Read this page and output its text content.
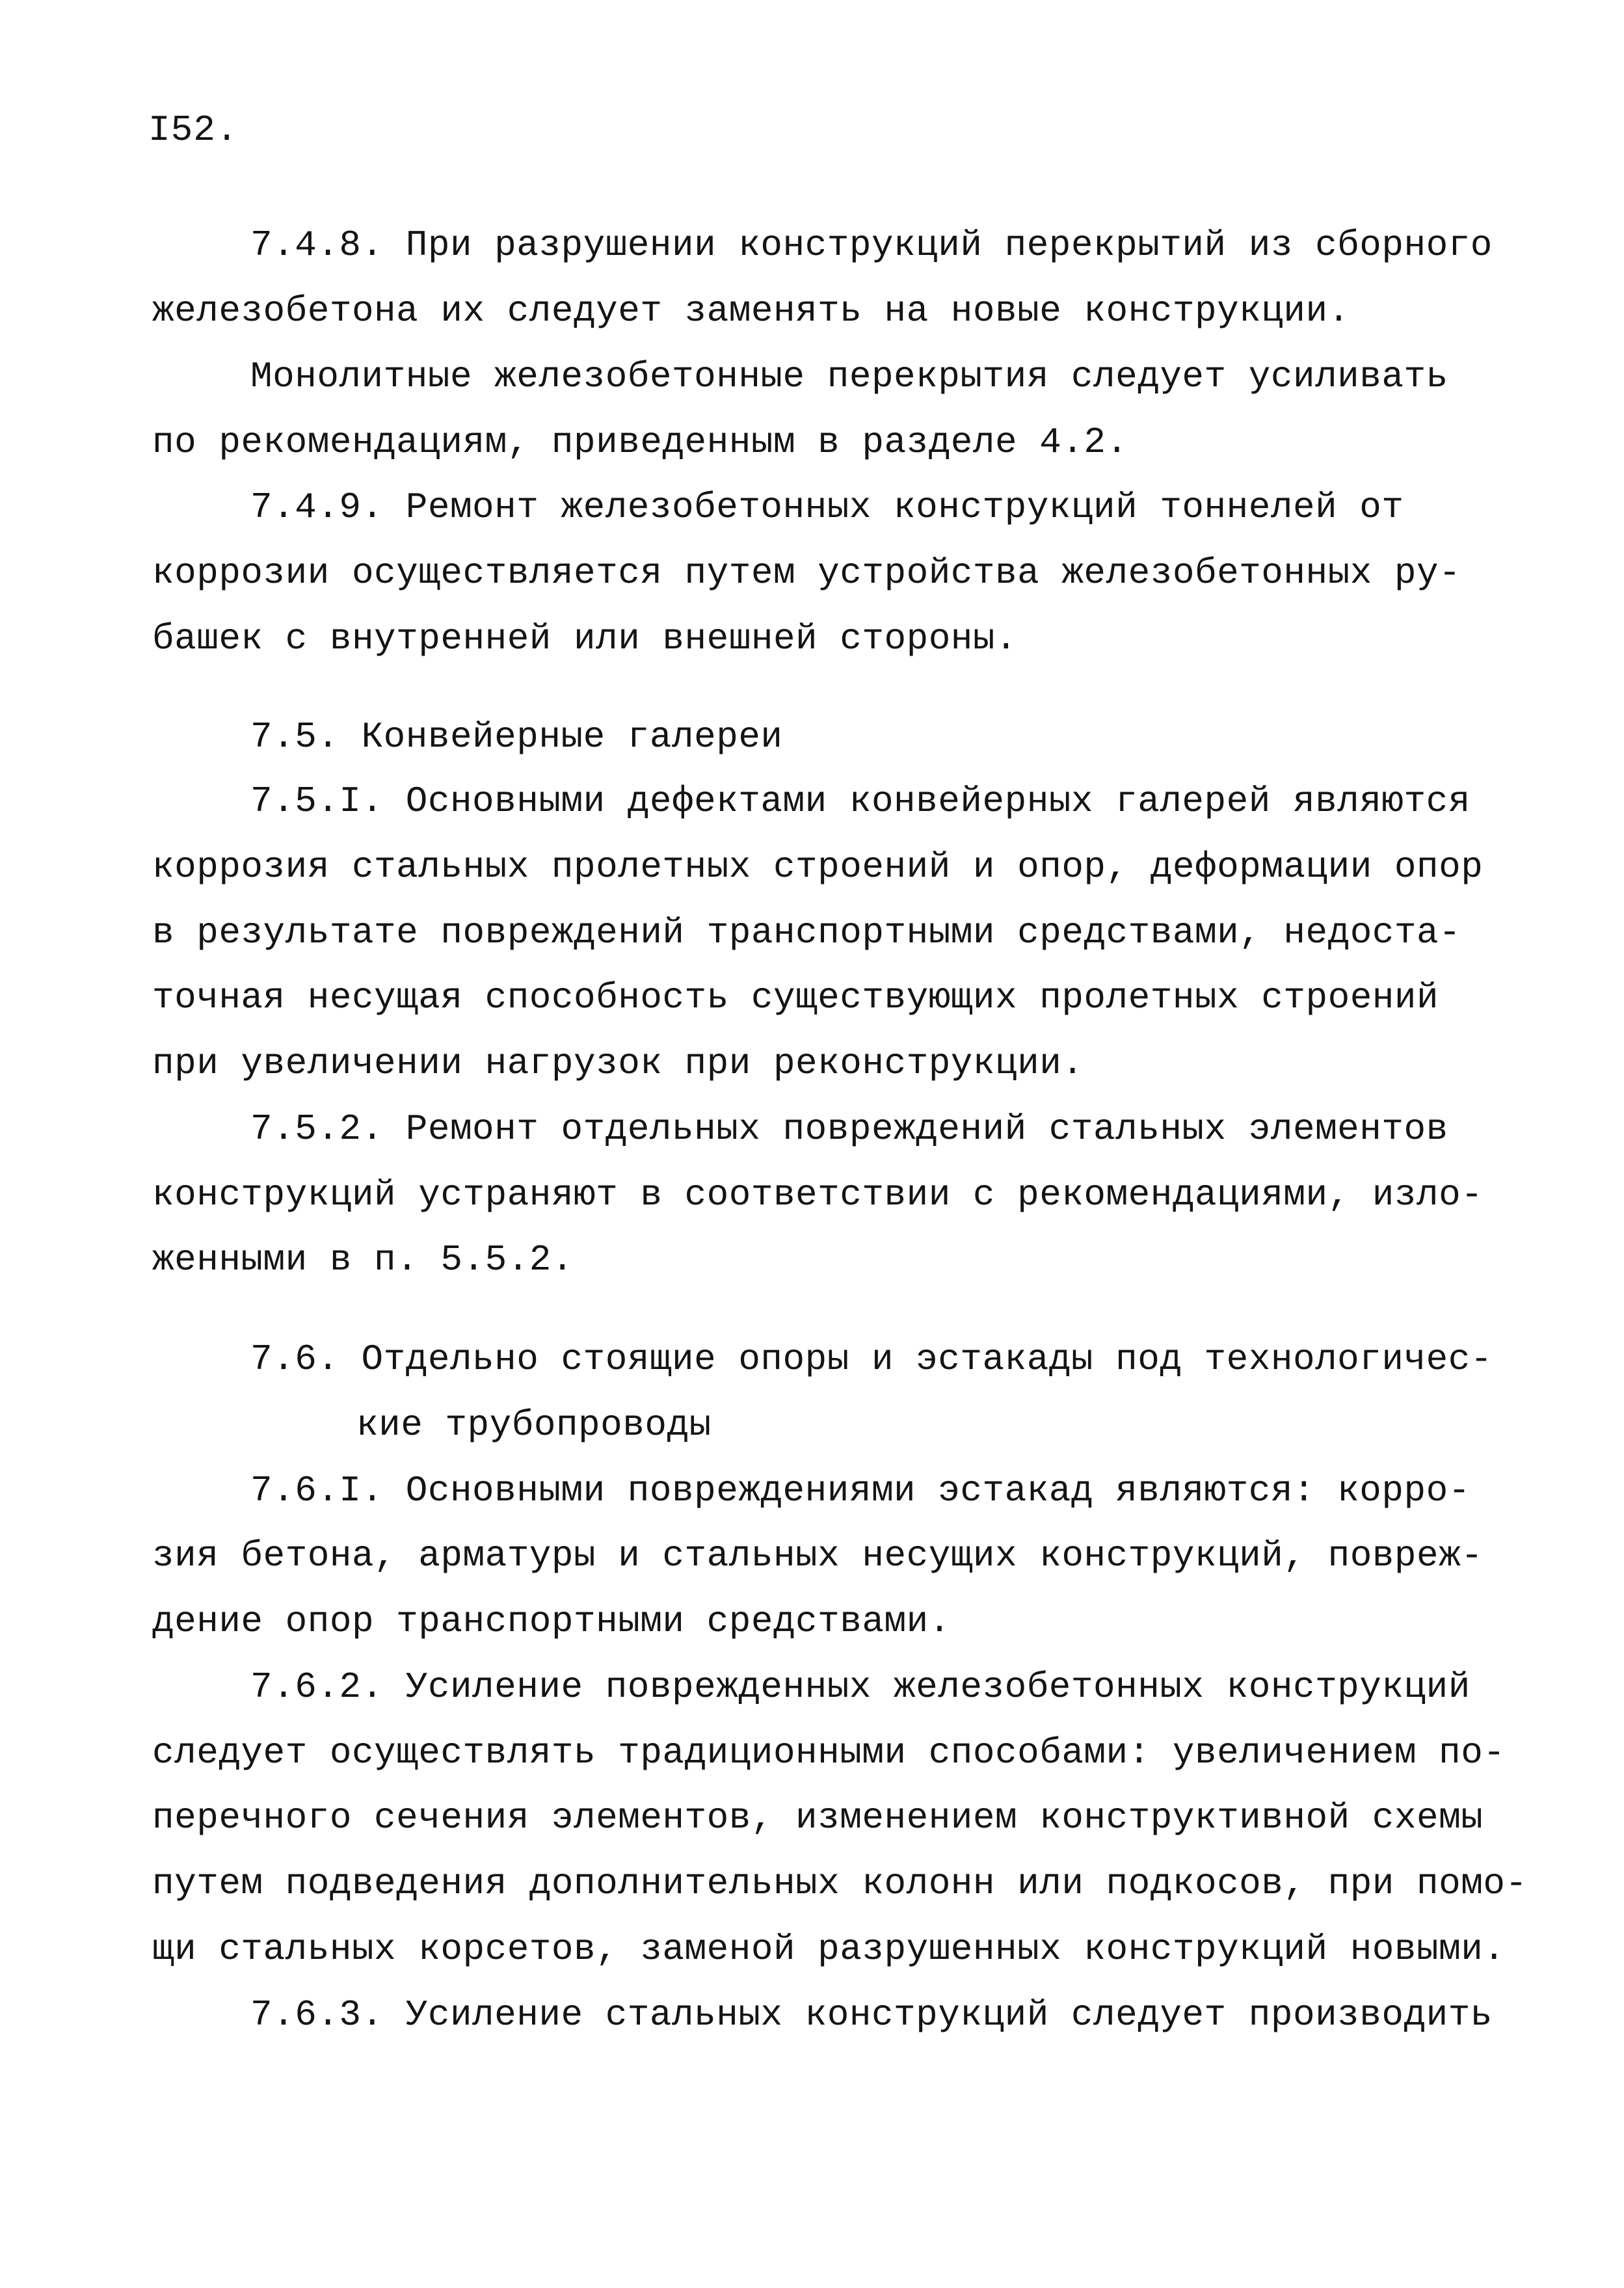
I52.
7.4.8. При разрушении конструкций перекрытий из сборного
железобетона их следует заменять на новые конструкции.
Монолитные железобетонные перекрытия следует усиливать
по рекомендациям, приведенным в разделе 4.2.
7.4.9. Ремонт железобетонных конструкций тоннелей от
коррозии осуществляется путем устройства железобетонных ру-
башек с внутренней или внешней стороны.
7.5. Конвейерные галереи
7.5.I. Основными дефектами конвейерных галерей являются
коррозия стальных пролетных строений и опор, деформации опор
в результате повреждений транспортными средствами, недоста-
точная несущая способность существующих пролетных строений
при увеличении нагрузок при реконструкции.
7.5.2. Ремонт отдельных повреждений стальных элементов
конструкций устраняют в соответствии с рекомендациями, изло-
женными в п. 5.5.2.
7.6. Отдельно стоящие опоры и эстакады под технологичес-
кие трубопроводы
7.6.I. Основными повреждениями эстакад являются: корро-
зия бетона, арматуры и стальных несущих конструкций, повреж-
дение опор транспортными средствами.
7.6.2. Усиление поврежденных железобетонных конструкций
следует осуществлять традиционными способами: увеличением по-
перечного сечения элементов, изменением конструктивной схемы
путем подведения дополнительных колонн или подкосов, при помо-
щи стальных корсетов, заменой разрушенных конструкций новыми.
7.6.3. Усиление стальных конструкций следует производить
